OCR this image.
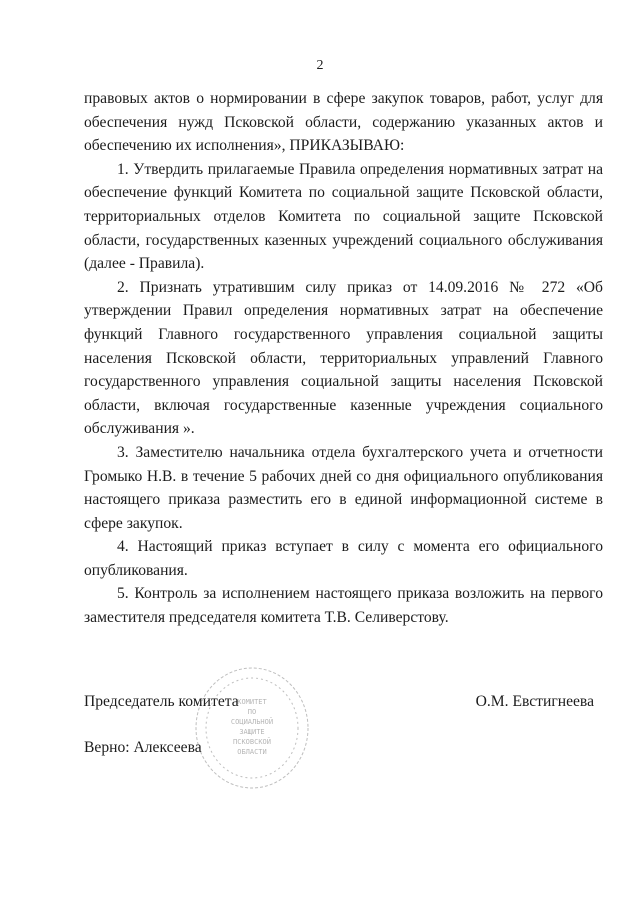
2

правовых актов о нормировании в сфере закупок товаров, работ, услуг для обеспечения нужд Псковской области, содержанию указанных актов и обеспечению их исполнения», ПРИКАЗЫВАЮ:

1. Утвердить прилагаемые Правила определения нормативных затрат на обеспечение функций Комитета по социальной защите Псковской области, территориальных отделов Комитета по социальной защите Псковской области, государственных казенных учреждений социального обслуживания (далее - Правила).

2. Признать утратившим силу приказ от 14.09.2016 № 272 «Об утверждении Правил определения нормативных затрат на обеспечение функций Главного государственного управления социальной защиты населения Псковской области, территориальных управлений Главного государственного управления социальной защиты населения Псковской области, включая государственные казенные учреждения социального обслуживания ».

3. Заместителю начальника отдела бухгалтерского учета и отчетности Громыко Н.В. в течение 5 рабочих дней со дня официального опубликования настоящего приказа разместить его в единой информационной системе в сфере закупок.

4. Настоящий приказ вступает в силу с момента его официального опубликования.

5. Контроль за исполнением настоящего приказа возложить на первого заместителя председателя комитета Т.В. Селиверстову.

КОМИТЕТ
ПО
СОЦИАЛЬНОЙ
ЗАЩИТЕ
ПСКОВСКОЙ
ОБЛАСТИ
Председатель комитета	О.М. Евстигнеева
Верно: Алексеева
